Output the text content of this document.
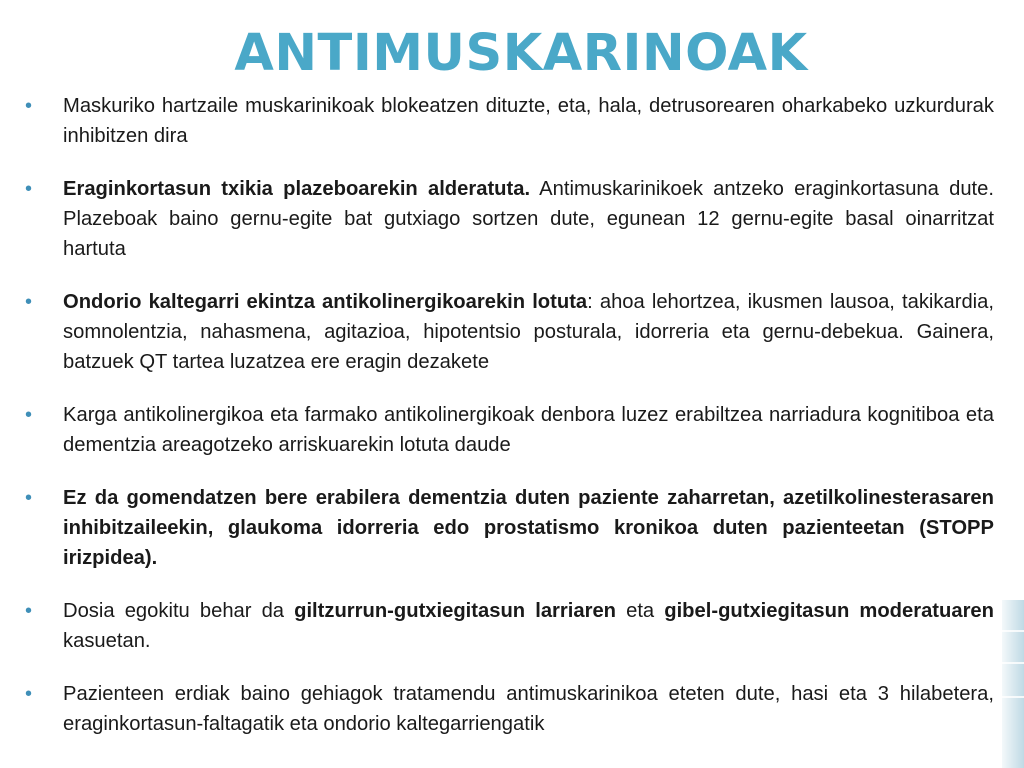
ANTIMUSKARINOAK
• Maskuriko hartzaile muskarinikoak blokeatzen dituzte, eta, hala, detrusorearen oharkabeko uzkurdurak inhibitzen dira
• Eraginkortasun txikia plazeboarekin alderatuta. Antimuskarinikoek antzeko eraginkortasuna dute. Plazeboak baino gernu-egite bat gutxiago sortzen dute, egunean 12 gernu-egite basal oinarritzat hartuta
• Ondorio kaltegarri ekintza antikolinergikoarekin lotuta: ahoa lehortzea, ikusmen lausoa, takikardia, somnolentzia, nahasmena, agitazioa, hipotentsio posturala, idorreria eta gernu-debekua. Gainera, batzuek QT tartea luzatzea ere eragin dezakete
• Karga antikolinergikoa eta farmako antikolinergikoak denbora luzez erabiltzea narriadura kognitiboa eta dementzia areagotzeko arriskuarekin lotuta daude
• Ez da gomendatzen bere erabilera dementzia duten paziente zaharretan, azetilkolinesterasaren inhibitzaileekin, glaukoma idorreria edo prostatismo kronikoa duten pazienteetan (STOPP irizpidea).
• Dosia egokitu behar da giltzurrun-gutxiegitasun larriaren eta gibel-gutxiegitasun moderatuaren kasuetan.
• Pazienteen erdiak baino gehiagok tratamendu antimuskarinikoa eteten dute, hasi eta 3 hilabetera, eraginkortasun-faltagatik eta ondorio kaltegarriengatik
